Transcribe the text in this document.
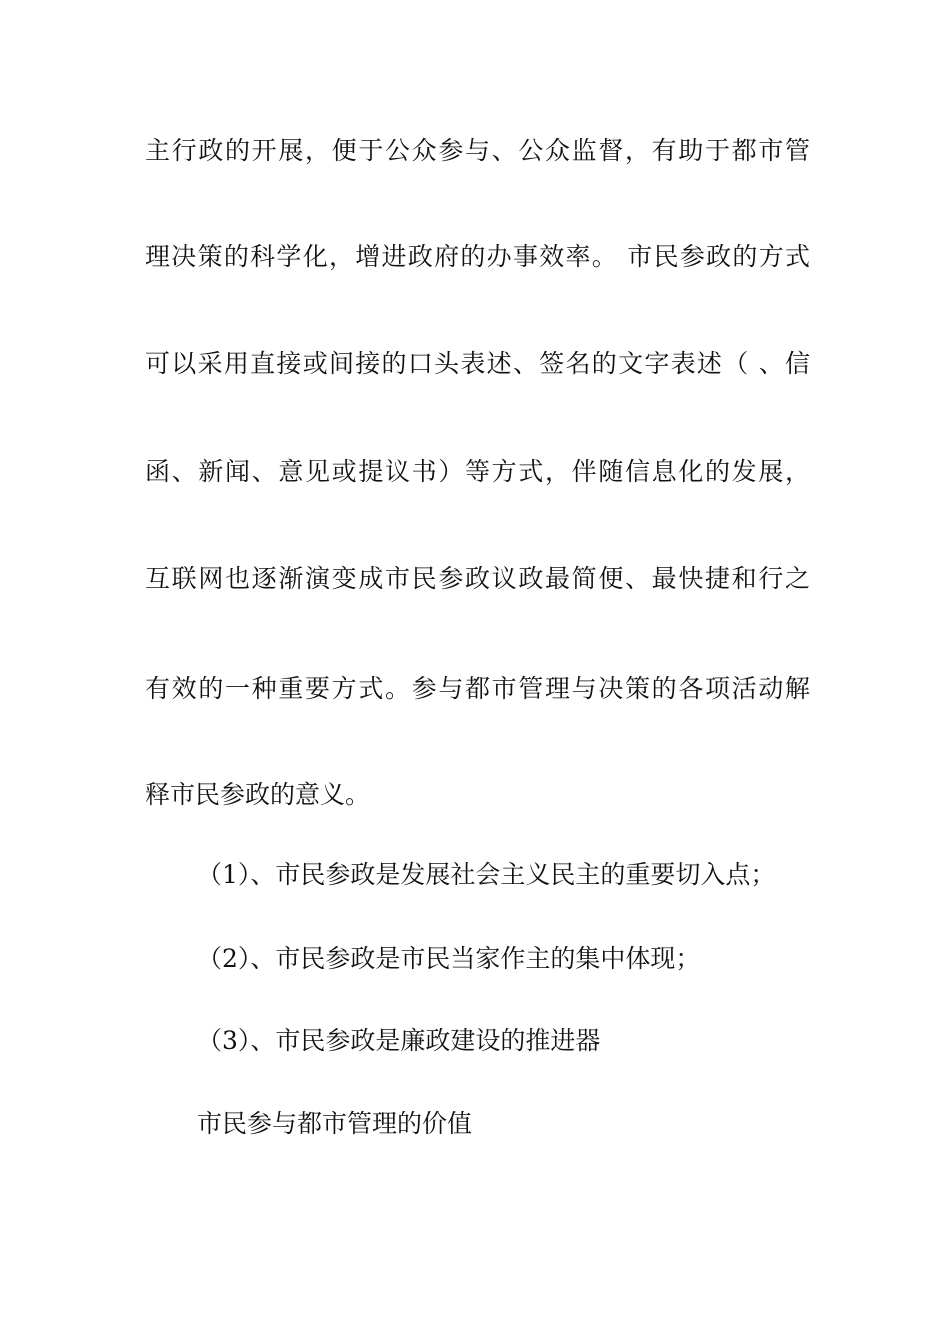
主行政的开展，便于公众参与、公众监督，有助于都市管
理决策的科学化，增进政府的办事效率。 市民参政的方式
可以采用直接或间接的口头表述、签名的文字表述（ 、信
函、新闻、意见或提议书）等方式，伴随信息化的发展，
互联网也逐渐演变成市民参政议政最简便、最快捷和行之
有效的一种重要方式。参与都市管理与决策的各项活动解
释市民参政的意义。
（1）、市民参政是发展社会主义民主的重要切入点；
（2）、市民参政是市民当家作主的集中体现；
（3）、市民参政是廉政建设的推进器
市民参与都市管理的价值
